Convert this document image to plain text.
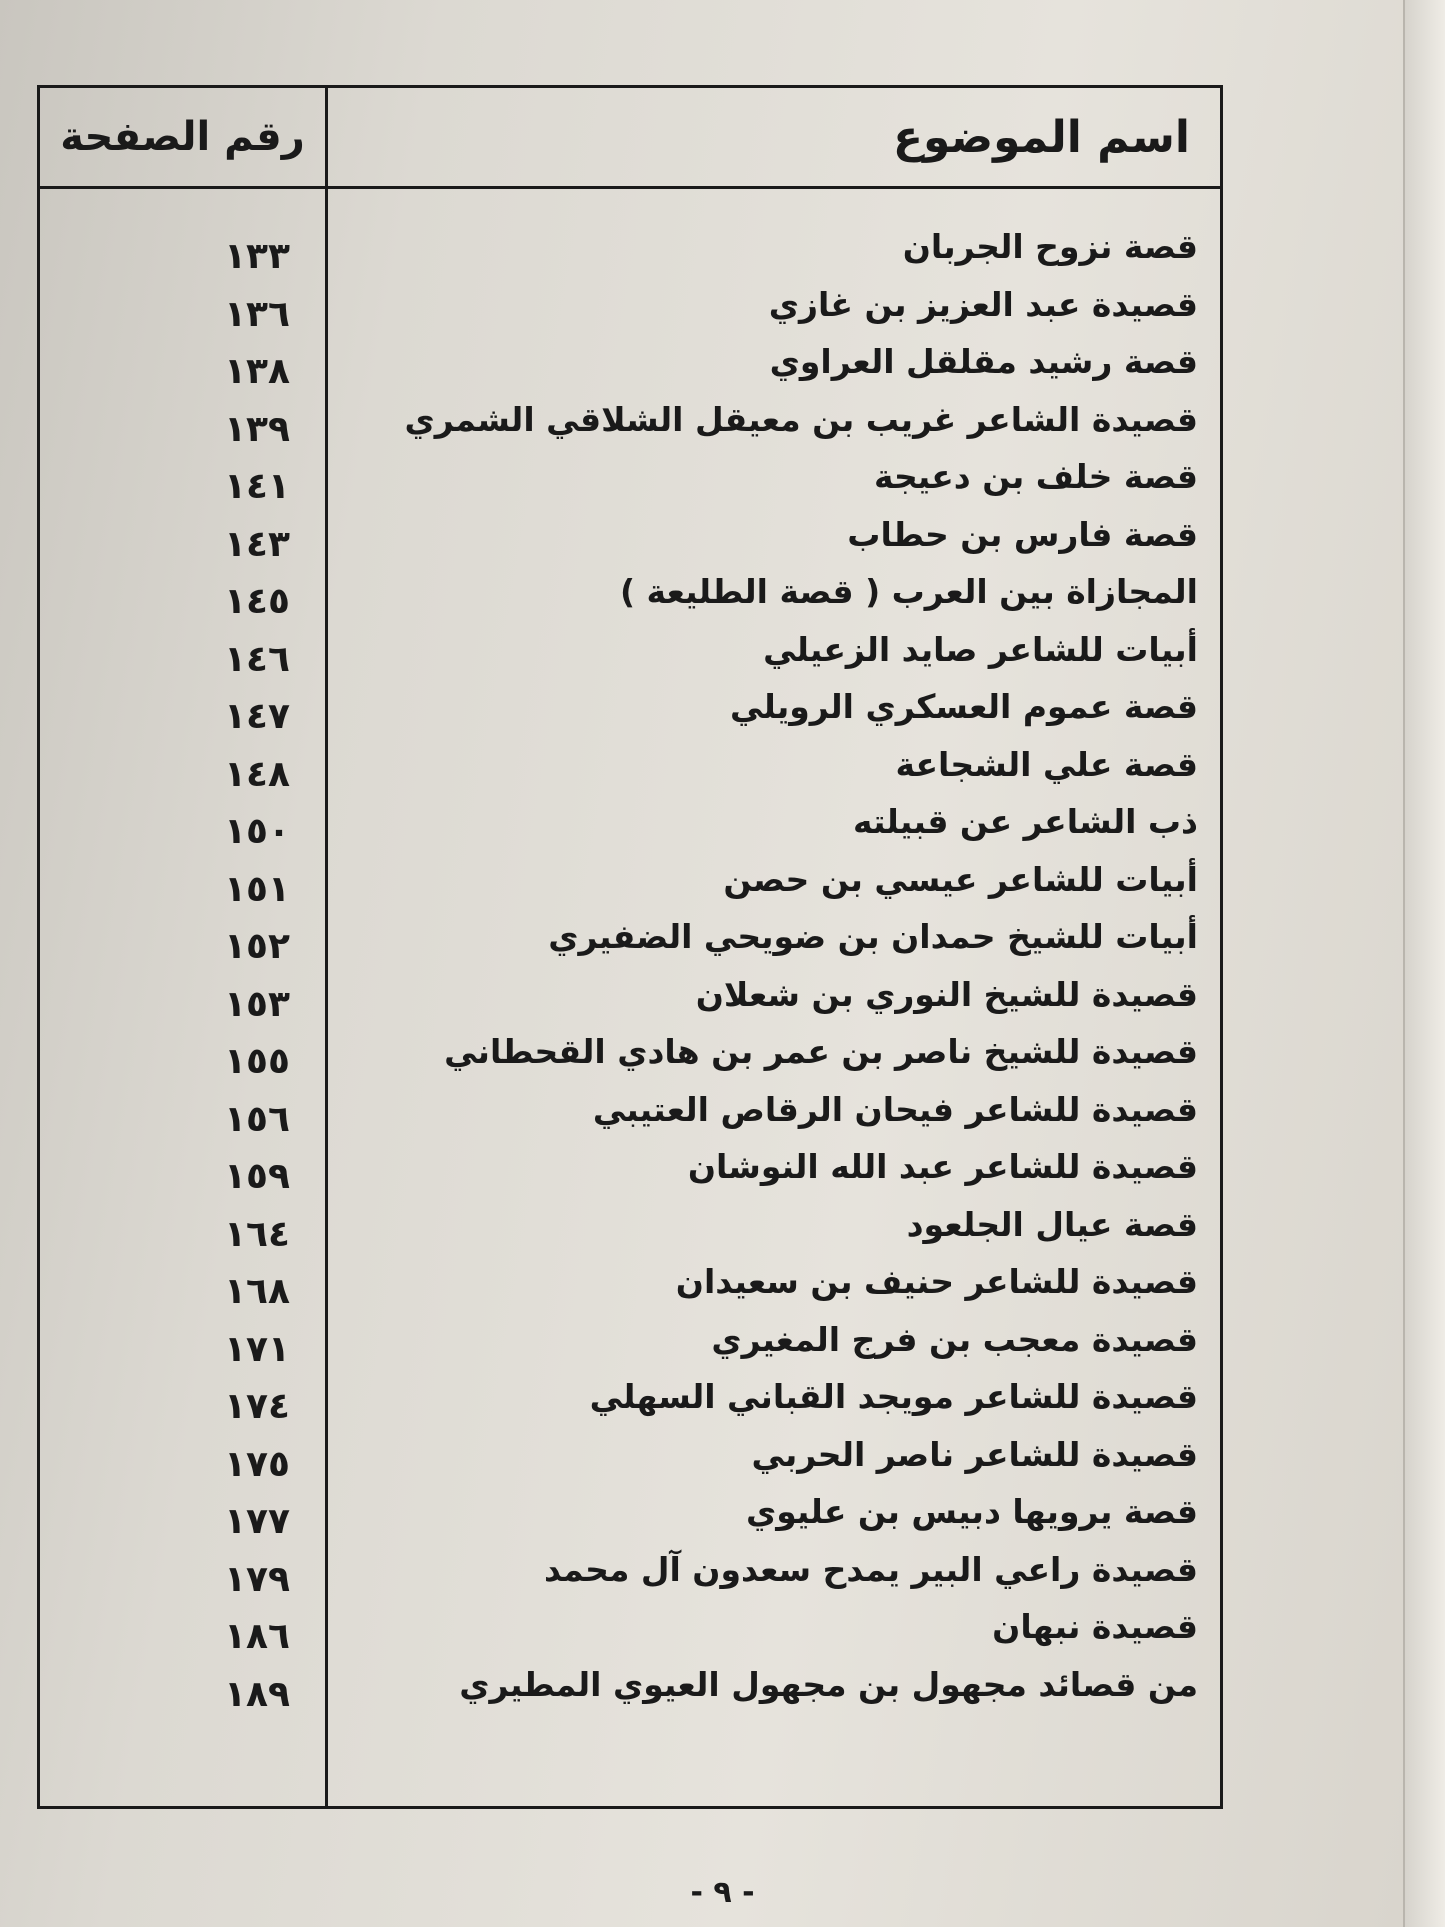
رقم الصفحة	اسم الموضوع
قصة نزوح الجربان
قصيدة عبد العزيز بن غازي
قصة رشيد مقلقل العراوي
قصيدة الشاعر غريب بن معيقل الشلاقي الشمري
قصة خلف بن دعيجة
قصة فارس بن حطاب
المجازاة بين العرب ( قصة الطليعة )
أبيات للشاعر صايد الزعيلي
قصة عموم العسكري الرويلي
قصة علي الشجاعة
ذب الشاعر عن قبيلته
أبيات للشاعر عيسي بن حصن
أبيات للشيخ حمدان بن ضويحي الضفيري
قصيدة للشيخ النوري بن شعلان
قصيدة للشيخ ناصر بن عمر بن هادي القحطاني
قصيدة للشاعر فيحان الرقاص العتيبي
قصيدة للشاعر عبد الله النوشان
قصة عيال الجلعود
قصيدة للشاعر حنيف بن سعيدان
قصيدة معجب بن فرج المغيري
قصيدة للشاعر مويجد القباني السهلي
قصيدة للشاعر ناصر الحربي
قصة يرويها دبيس بن عليوي
قصيدة راعي البير يمدح سعدون آل محمد
قصيدة نبهان
من قصائد مجهول بن مجهول العيوي المطيري
١٣٣
١٣٦
١٣٨
١٣٩
١٤١
١٤٣
١٤٥
١٤٦
١٤٧
١٤٨
١٥٠
١٥١
١٥٢
١٥٣
١٥٥
١٥٦
١٥٩
١٦٤
١٦٨
١٧١
١٧٤
١٧٥
١٧٧
١٧٩
١٨٦
١٨٩
- ٩ -
